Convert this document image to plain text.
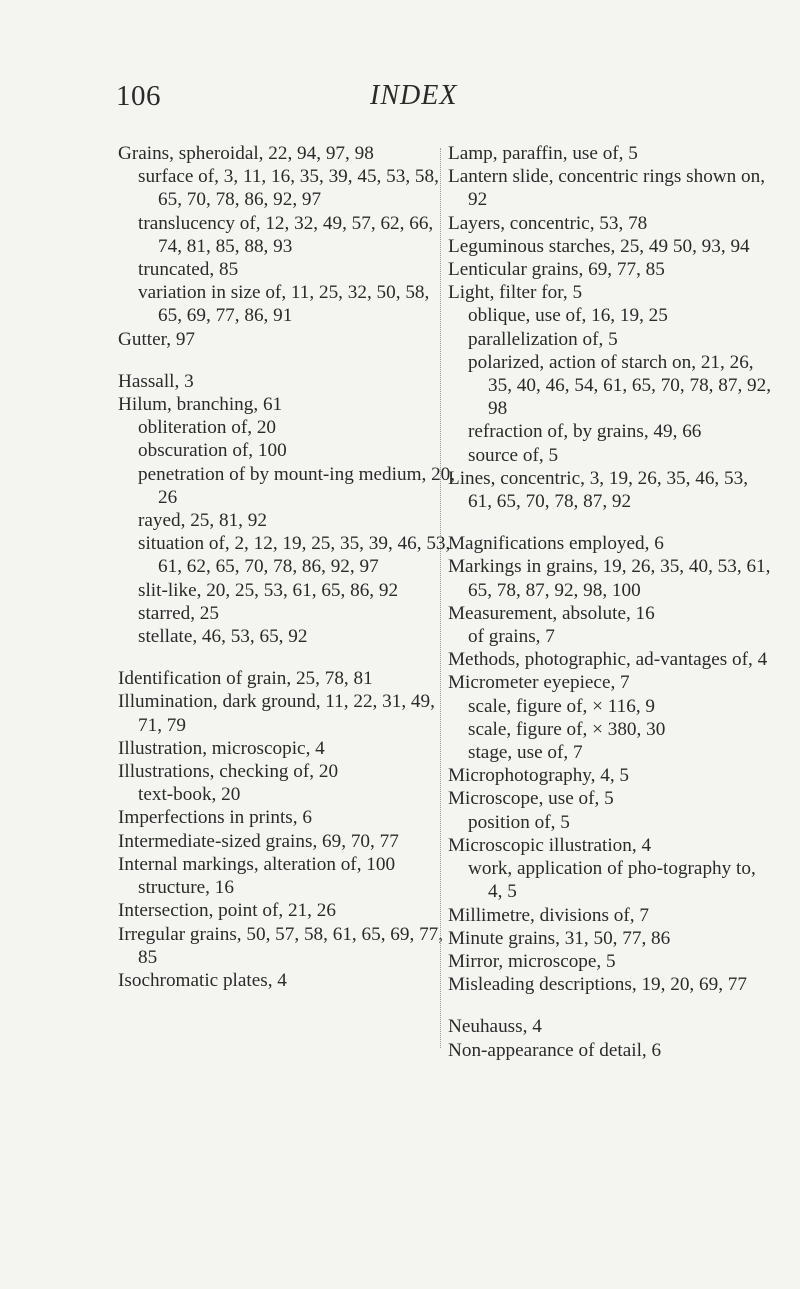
106	INDEX

Grains, spheroidal, 22, 94, 97, 98

surface of, 3, 11, 16, 35, 39, 45, 53, 58, 65, 70, 78, 86, 92, 97

translucency of, 12, 32, 49, 57, 62, 66, 74, 81, 85, 88, 93

truncated, 85

variation in size of, 11, 25, 32, 50, 58, 65, 69, 77, 86, 91

Gutter, 97

Hassall, 3

Hilum, branching, 61

obliteration of, 20

obscuration of, 100

penetration of by mount-ing medium, 20, 26

rayed, 25, 81, 92

situation of, 2, 12, 19, 25, 35, 39, 46, 53, 61, 62, 65, 70, 78, 86, 92, 97

slit-like, 20, 25, 53, 61, 65, 86, 92

starred, 25

stellate, 46, 53, 65, 92

Identification of grain, 25, 78, 81

Illumination, dark ground, 11, 22, 31, 49, 71, 79

Illustration, microscopic, 4

Illustrations, checking of, 20

text-book, 20

Imperfections in prints, 6

Intermediate-sized grains, 69, 70, 77

Internal markings, alteration of, 100

structure, 16

Intersection, point of, 21, 26

Irregular grains, 50, 57, 58, 61, 65, 69, 77, 85

Isochromatic plates, 4

Lamp, paraffin, use of, 5

Lantern slide, concentric rings shown on, 92

Layers, concentric, 53, 78

Leguminous starches, 25, 49 50, 93, 94

Lenticular grains, 69, 77, 85

Light, filter for, 5

oblique, use of, 16, 19, 25

parallelization of, 5

polarized, action of starch on, 21, 26, 35, 40, 46, 54, 61, 65, 70, 78, 87, 92, 98

refraction of, by grains, 49, 66

source of, 5

Lines, concentric, 3, 19, 26, 35, 46, 53, 61, 65, 70, 78, 87, 92

Magnifications employed, 6

Markings in grains, 19, 26, 35, 40, 53, 61, 65, 78, 87, 92, 98, 100

Measurement, absolute, 16

of grains, 7

Methods, photographic, ad-vantages of, 4

Micrometer eyepiece, 7

scale, figure of, × 116, 9

scale, figure of, × 380, 30

stage, use of, 7

Microphotography, 4, 5

Microscope, use of, 5

position of, 5

Microscopic illustration, 4

work, application of pho-tography to, 4, 5

Millimetre, divisions of, 7

Minute grains, 31, 50, 77, 86

Mirror, microscope, 5

Misleading descriptions, 19, 20, 69, 77

Neuhauss, 4

Non-appearance of detail, 6
